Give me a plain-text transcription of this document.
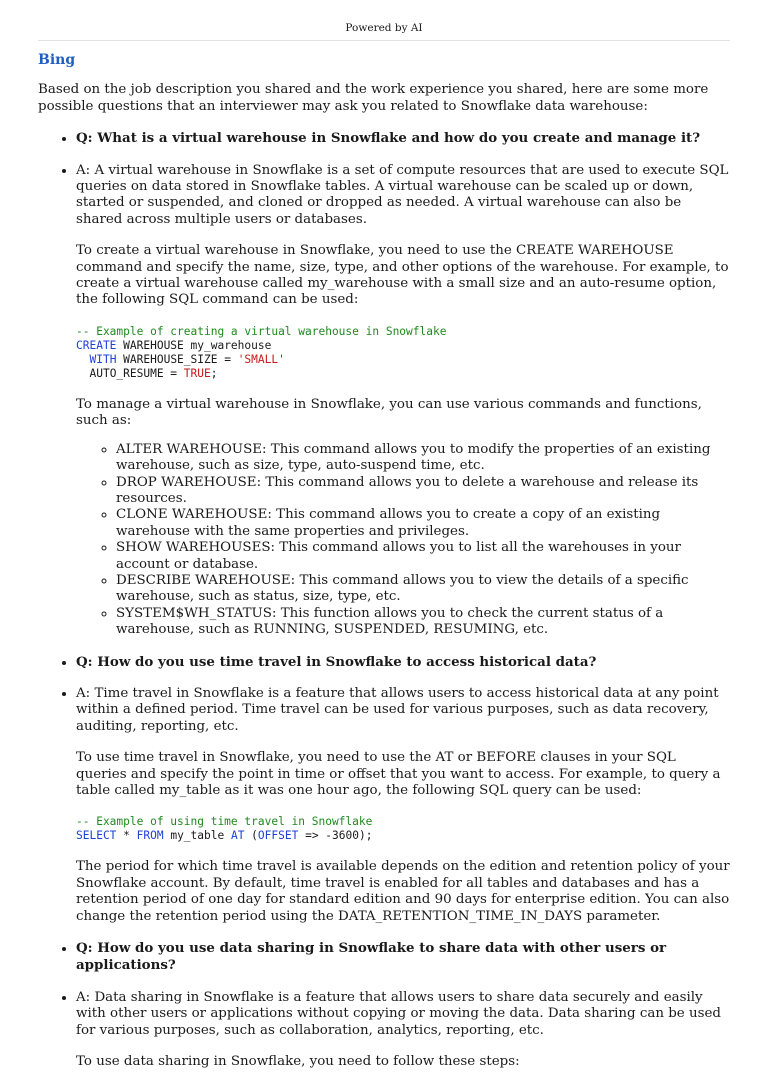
Powered by AI
Bing

Based on the job description you shared and the work experience you shared, here are some more possible questions that an interviewer may ask you related to Snowflake data warehouse:

• Q: What is a virtual warehouse in Snowflake and how do you create and manage it?

• A: A virtual warehouse in Snowflake is a set of compute resources that are used to execute SQL queries on data stored in Snowflake tables. A virtual warehouse can be scaled up or down, started or suspended, and cloned or dropped as needed. A virtual warehouse can also be shared across multiple users or databases.

To create a virtual warehouse in Snowflake, you need to use the CREATE WAREHOUSE command and specify the name, size, type, and other options of the warehouse. For example, to create a virtual warehouse called my_warehouse with a small size and an auto-resume option, the following SQL command can be used:

-- Example of creating a virtual warehouse in Snowflake
CREATE WAREHOUSE my_warehouse
WITH WAREHOUSE_SIZE = 'SMALL'
AUTO_RESUME = TRUE;

To manage a virtual warehouse in Snowflake, you can use various commands and functions, such as:

◦ ALTER WAREHOUSE: This command allows you to modify the properties of an existing warehouse, such as size, type, auto-suspend time, etc.
◦ DROP WAREHOUSE: This command allows you to delete a warehouse and release its resources.
◦ CLONE WAREHOUSE: This command allows you to create a copy of an existing warehouse with the same properties and privileges.
◦ SHOW WAREHOUSES: This command allows you to list all the warehouses in your account or database.
◦ DESCRIBE WAREHOUSE: This command allows you to view the details of a specific warehouse, such as status, size, type, etc.
◦ SYSTEM$WH_STATUS: This function allows you to check the current status of a warehouse, such as RUNNING, SUSPENDED, RESUMING, etc.
• Q: How do you use time travel in Snowflake to access historical data?

• A: Time travel in Snowflake is a feature that allows users to access historical data at any point within a defined period. Time travel can be used for various purposes, such as data recovery, auditing, reporting, etc.

To use time travel in Snowflake, you need to use the AT or BEFORE clauses in your SQL queries and specify the point in time or offset that you want to access. For example, to query a table called my_table as it was one hour ago, the following SQL query can be used:

-- Example of using time travel in Snowflake
SELECT * FROM my_table AT (OFFSET => -3600);

The period for which time travel is available depends on the edition and retention policy of your Snowflake account. By default, time travel is enabled for all tables and databases and has a retention period of one day for standard edition and 90 days for enterprise edition. You can also change the retention period using the DATA_RETENTION_TIME_IN_DAYS parameter.

• Q: How do you use data sharing in Snowflake to share data with other users or applications?

• A: Data sharing in Snowflake is a feature that allows users to share data securely and easily with other users or applications without copying or moving the data. Data sharing can be used for various purposes, such as collaboration, analytics, reporting, etc.

To use data sharing in Snowflake, you need to follow these steps:
